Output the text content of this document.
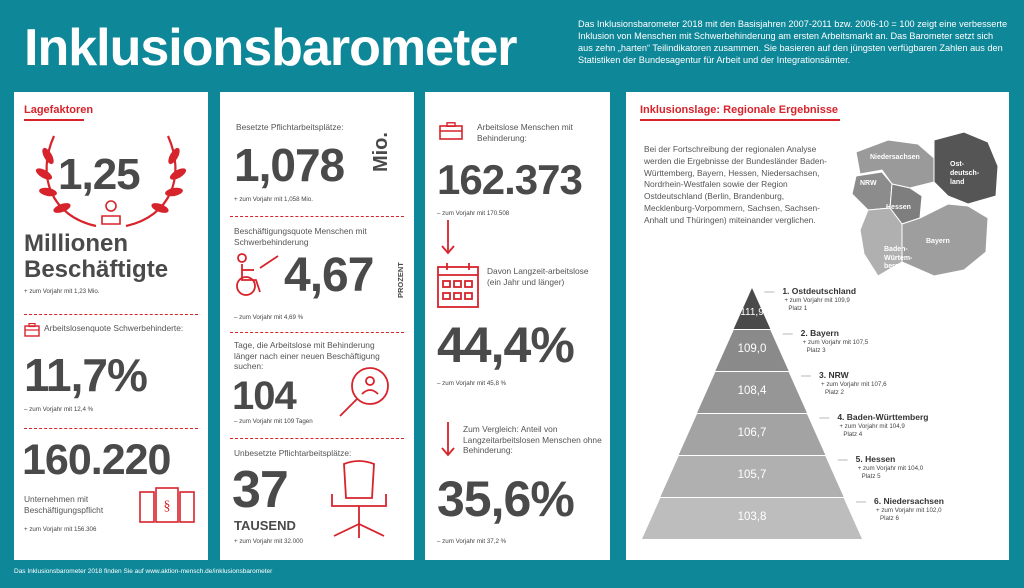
Inklusionsbarometer	Das Inklusionsbarometer 2018 mit den Basisjahren 2007-2011 bzw. 2006-10 = 100 zeigt eine verbesserte Inklusion von Menschen mit Schwerbehinderung am ersten Arbeitsmarkt an. Das Barometer setzt sich aus zehn „harten“ Teilindikatoren zusammen. Sie basieren auf den jüngsten verfügbaren Zahlen aus den Statistiken der Bundesagentur für Arbeit und der Integrationsämter.
Lagefaktoren
1,25
Millionen
Beschäftigte
+ zum Vorjahr mit 1,23 Mio.
Arbeitslosenquote Schwerbehinderte:
11,7%
– zum Vorjahr mit 12,4 %
160.220
Unternehmen mit Beschäftigungspflicht	§
+ zum Vorjahr mit 156.306
Besetzte Pflichtarbeitsplätze:
1,078 Mio.
+ zum Vorjahr mit 1,058 Mio.
Beschäftigungsquote Menschen mit Schwerbehinderung
4,67	PROZENT
– zum Vorjahr mit 4,69 %
Tage, die Arbeitslose mit Behinderung länger nach einer neuen Beschäftigung suchen:
104
– zum Vorjahr mit 109 Tagen
Unbesetzte Pflichtarbeitsplätze:
37
TAUSEND
+ zum Vorjahr mit 32.000
Arbeitslose Menschen mit Behinderung:
162.373
– zum Vorjahr mit 170.508
Davon Langzeit-arbeitslose (ein Jahr und länger)
44,4%
– zum Vorjahr mit 45,8 %
Zum Vergleich: Anteil von Langzeitarbeitslosen Menschen ohne Behinderung:
35,6%
– zum Vorjahr mit 37,2 %
Inklusionslage: Regionale Ergebnisse
Bei der Fortschreibung der regionalen Analyse werden die Ergebnisse der Bundesländer Baden-Württemberg, Bayern, Hessen, Niedersachsen, Nordrhein-Westfalen sowie der Region Ostdeutschland (Berlin, Brandenburg, Mecklenburg-Vorpommern, Sachsen, Sachsen-Anhalt und Thüringen) miteinander verglichen.
Niedersachsen
Ost-deutsch-land
NRW
Hessen
Baden-Würtem-berg
Bayern
111,9
1. Ostdeutschland
+ zum Vorjahr mit 109,9
Platz 1
109,0
2. Bayern
+ zum Vorjahr mit 107,5
Platz 3
108,4
3. NRW
+ zum Vorjahr mit 107,6
Platz 2
106,7
4. Baden-Württemberg
+ zum Vorjahr mit 104,9
Platz 4
105,7
5. Hessen
+ zum Vorjahr mit 104,0
Platz 5
103,8
6. Niedersachsen
+ zum Vorjahr mit 102,0
Platz 6
Das Inklusionsbarometer 2018 finden Sie auf www.aktion-mensch.de/inklusionsbarometer
